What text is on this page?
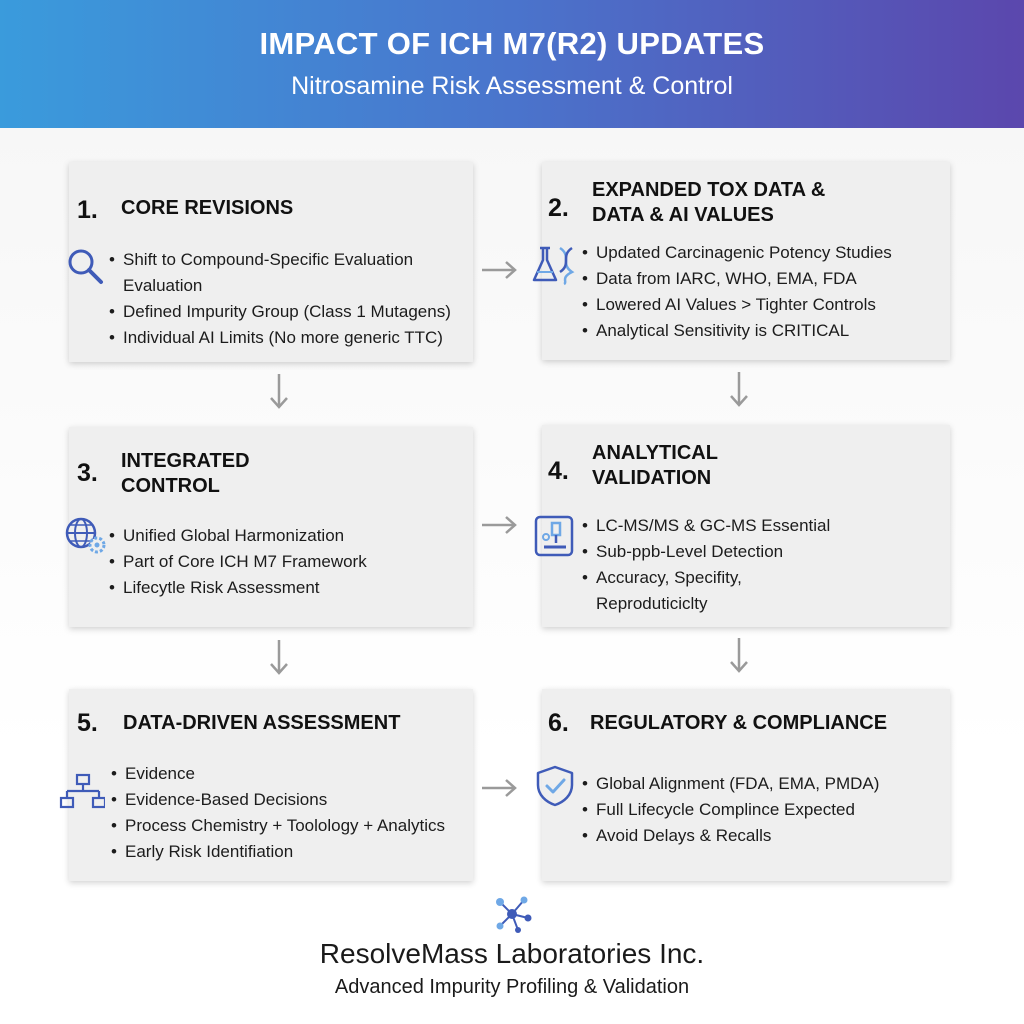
IMPACT OF ICH M7(R2) UPDATES
Nitrosamine Risk Assessment & Control
1. CORE REVISIONS
• Shift to Compound-Specific Evaluation
Evaluation
• Defined Impurity Group (Class 1 Mutagens)
• Individual AI Limits (No more generic TTC)
2.
EXPANDED TOX DATA &
DATA & AI VALUES
• Updated Carcinagenic Potency Studies
• Data from IARC, WHO, EMA, FDA
• Lowered AI Values > Tighter Controls
• Analytical Sensitivity is CRITICAL
3. INTEGRATED
CONTROL
• Unified Global Harmonization
• Part of Core ICH M7 Framework
• Lifecytle Risk Assessment
4.
ANALYTICAL
VALIDATION
• LC-MS/MS & GC-MS Essential
• Sub-ppb-Level Detection
• Accuracy, Specifity,
Reproduticiclty
5. DATA-DRIVEN ASSESSMENT
• Evidence
• Evidence-Based Decisions
• Process Chemistry + Toolology + Analytics
• Early Risk Identifiation
6. REGULATORY & COMPLIANCE
• Global Alignment (FDA, EMA, PMDA)
• Full Lifecycle Complince Expected
• Avoid Delays & Recalls
ResolveMass Laboratories Inc.
Advanced Impurity Profiling & Validation
